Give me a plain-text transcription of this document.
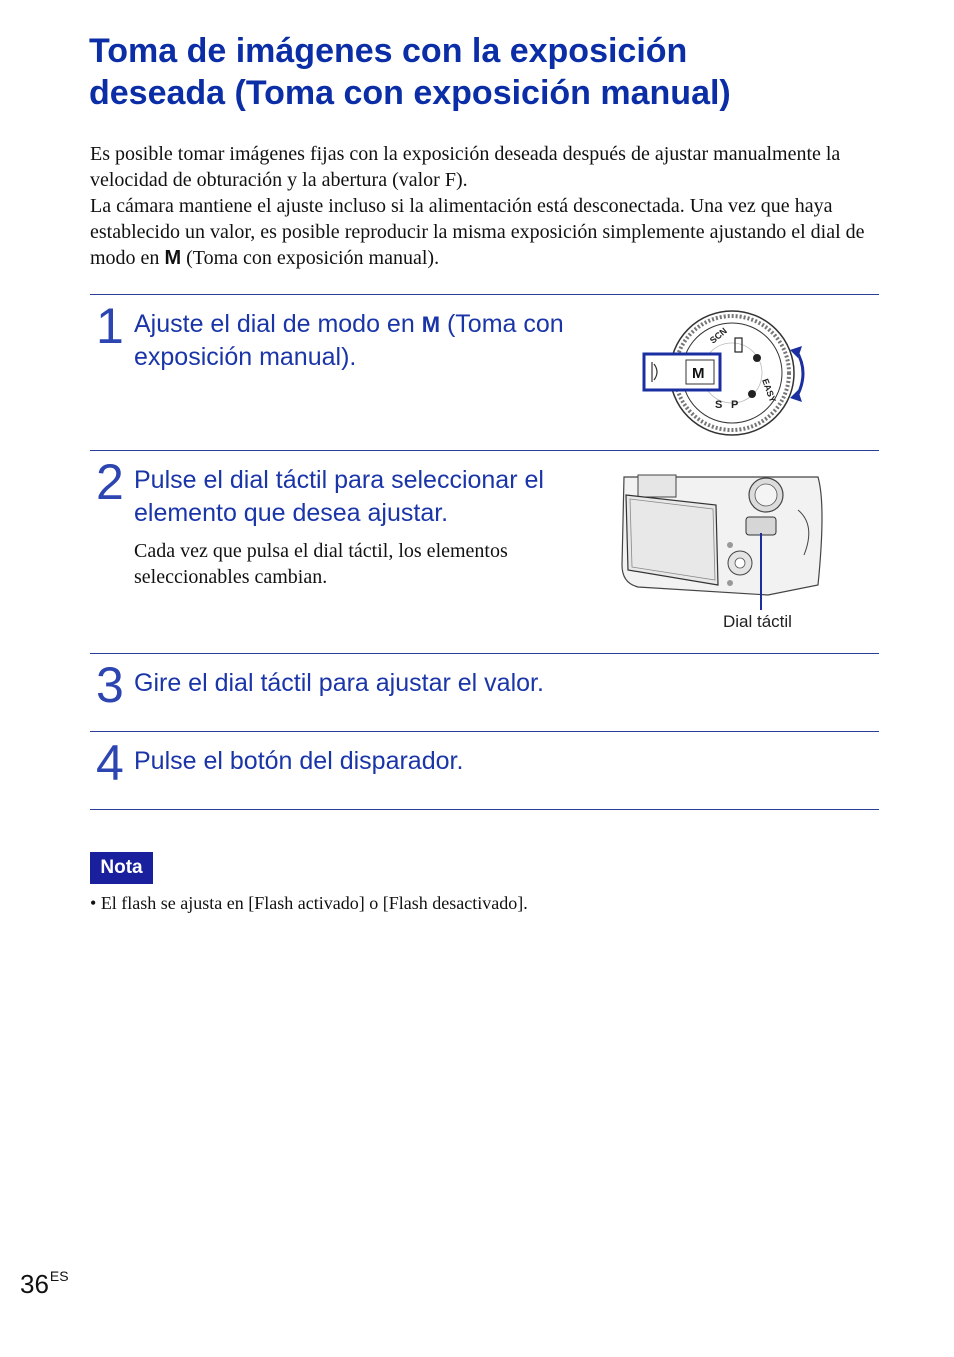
Toma de imágenes con la exposición
deseada (Toma con exposición manual)

Es posible tomar imágenes fijas con la exposición deseada después de ajustar manualmente la velocidad de obturación y la abertura (valor F).

La cámara mantiene el ajuste incluso si la alimentación está desconectada. Una vez que haya establecido un valor, es posible reproducir la misma exposición simplemente ajustando el dial de modo en M (Toma con exposición manual).

1 Ajuste el dial de modo en M (Toma con exposición manual).
SCN
EASY
S P
M
2 Pulse el dial táctil para seleccionar el elemento que desea ajustar.
Cada vez que pulsa el dial táctil, los elementos seleccionables cambian.
Dial táctil
3 Gire el dial táctil para ajustar el valor.
4 Pulse el botón del disparador.
Nota
• El flash se ajusta en [Flash activado] o [Flash desactivado].
$36^{ES}$
